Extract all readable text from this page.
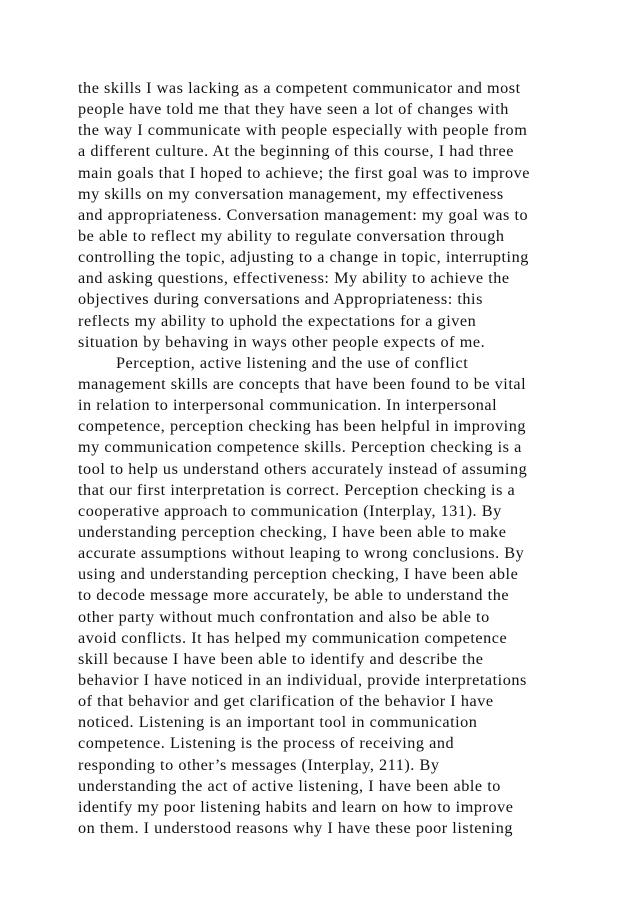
the skills I was lacking as a competent communicator and most
people have told me that they have seen a lot of changes with
the way I communicate with people especially with people from
a different culture. At the beginning of this course, I had three
main goals that I hoped to achieve; the first goal was to improve
my skills on my conversation management, my effectiveness
and appropriateness. Conversation management: my goal was to
be able to reflect my ability to regulate conversation through
controlling the topic, adjusting to a change in topic, interrupting
and asking questions, effectiveness: My ability to achieve the
objectives during conversations and Appropriateness: this
reflects my ability to uphold the expectations for a given
situation by behaving in ways other people expects of me.
Perception, active listening and the use of conflict
management skills are concepts that have been found to be vital
in relation to interpersonal communication. In interpersonal
competence, perception checking has been helpful in improving
my communication competence skills. Perception checking is a
tool to help us understand others accurately instead of assuming
that our first interpretation is correct. Perception checking is a
cooperative approach to communication (Interplay, 131). By
understanding perception checking, I have been able to make
accurate assumptions without leaping to wrong conclusions. By
using and understanding perception checking, I have been able
to decode message more accurately, be able to understand the
other party without much confrontation and also be able to
avoid conflicts. It has helped my communication competence
skill because I have been able to identify and describe the
behavior I have noticed in an individual, provide interpretations
of that behavior and get clarification of the behavior I have
noticed. Listening is an important tool in communication
competence. Listening is the process of receiving and
responding to other’s messages (Interplay, 211). By
understanding the act of active listening, I have been able to
identify my poor listening habits and learn on how to improve
on them. I understood reasons why I have these poor listening
